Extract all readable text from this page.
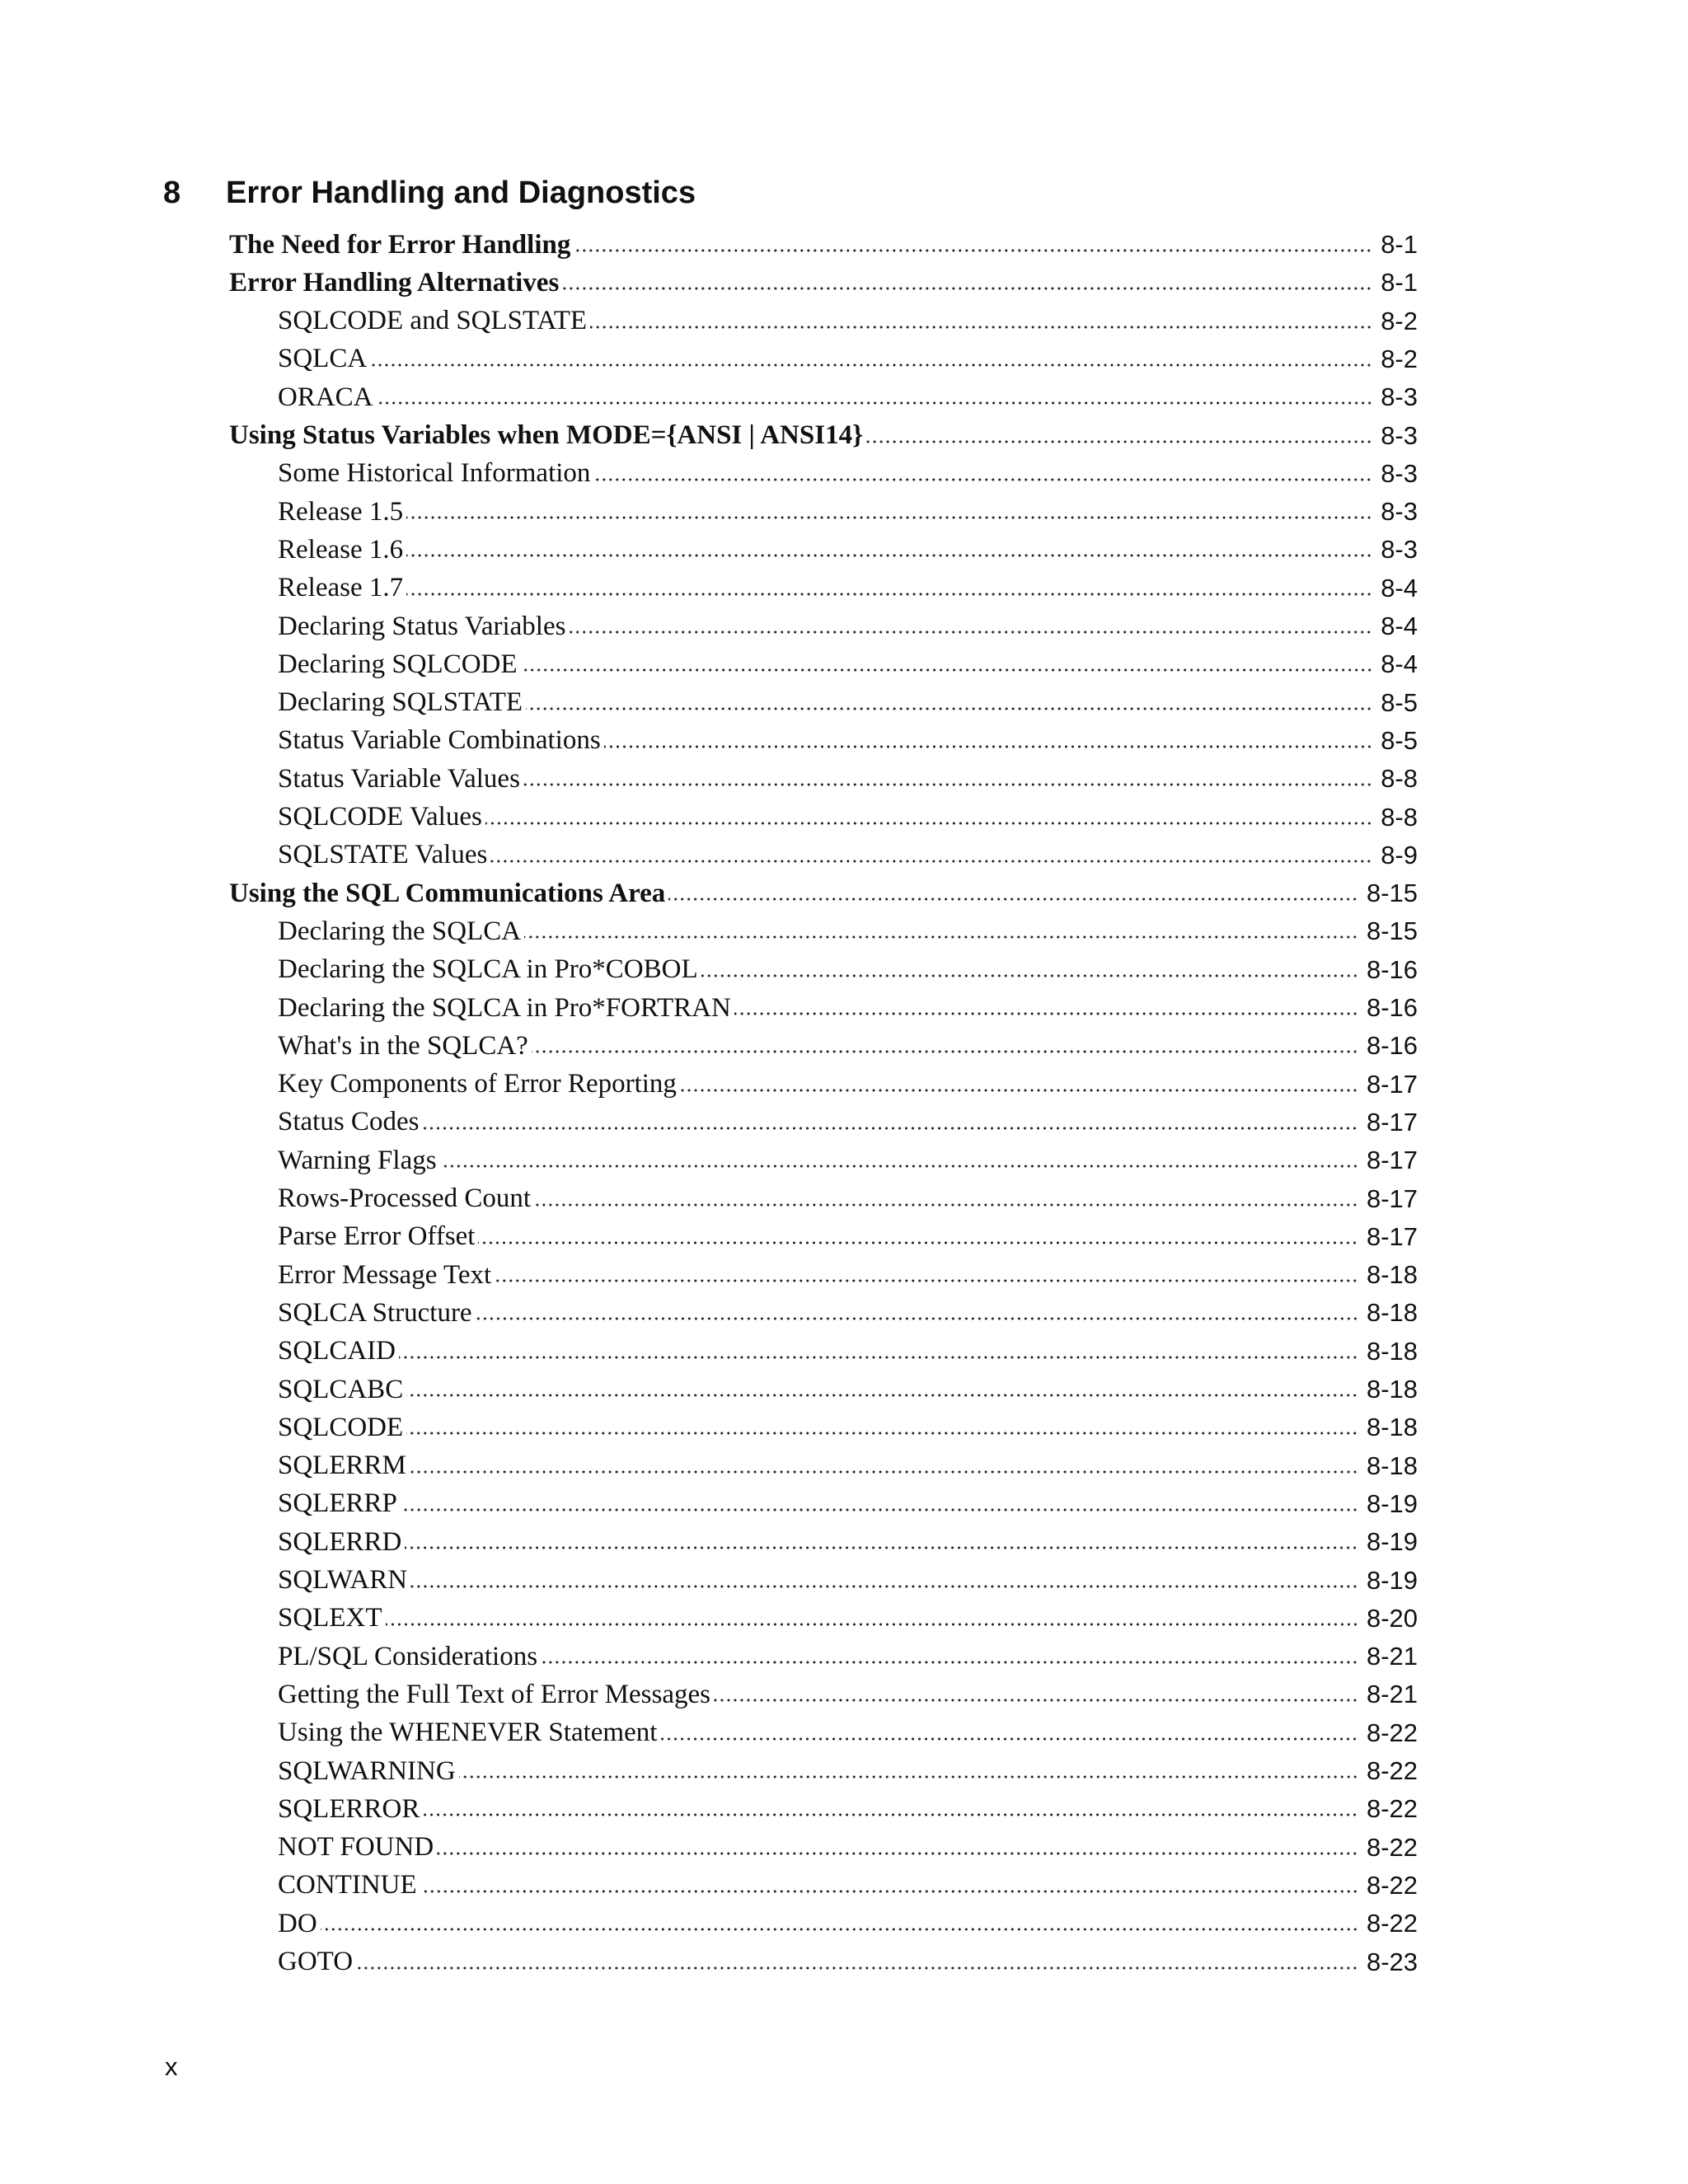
8	Error Handling and Diagnostics
The Need for Error Handling	8-1
Error Handling Alternatives	8-1
SQLCODE and SQLSTATE	8-2
SQLCA	8-2
ORACA	8-3
Using Status Variables when MODE={ANSI | ANSI14}	8-3
Some Historical Information	8-3
Release 1.5	8-3
Release 1.6	8-3
Release 1.7	8-4
Declaring Status Variables	8-4
Declaring SQLCODE	8-4
Declaring SQLSTATE	8-5
Status Variable Combinations	8-5
Status Variable Values	8-8
SQLCODE Values	8-8
SQLSTATE Values	8-9
Using the SQL Communications Area	8-15
Declaring the SQLCA	8-15
Declaring the SQLCA in Pro*COBOL	8-16
Declaring the SQLCA in Pro*FORTRAN	8-16
What's in the SQLCA?	8-16
Key Components of Error Reporting	8-17
Status Codes	8-17
Warning Flags	8-17
Rows-Processed Count	8-17
Parse Error Offset	8-17
Error Message Text	8-18
SQLCA Structure	8-18
SQLCAID	8-18
SQLCABC	8-18
SQLCODE	8-18
SQLERRM	8-18
SQLERRP	8-19
SQLERRD	8-19
SQLWARN	8-19
SQLEXT	8-20
PL/SQL Considerations	8-21
Getting the Full Text of Error Messages	8-21
Using the WHENEVER Statement	8-22
SQLWARNING	8-22
SQLERROR	8-22
NOT FOUND	8-22
CONTINUE	8-22
DO	8-22
GOTO	8-23
x
